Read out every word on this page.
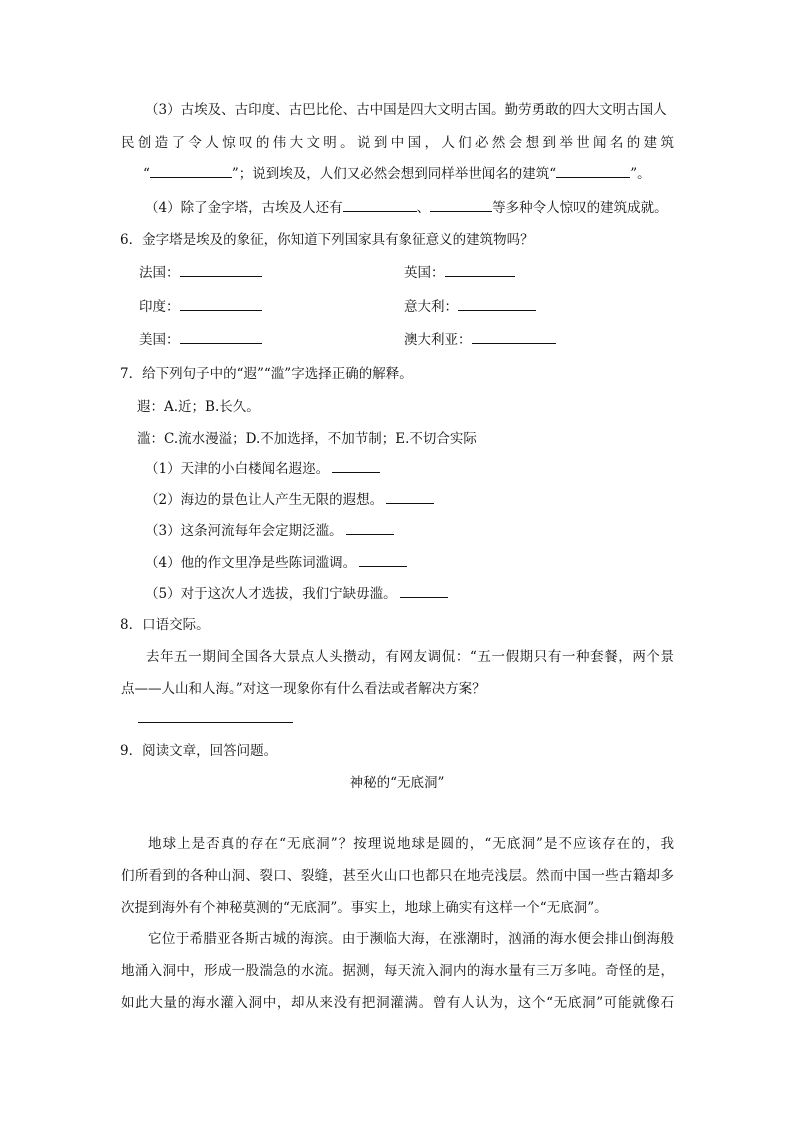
（3）古埃及、古印度、古巴比伦、古中国是四大文明古国。勤劳勇敢的四大文明古国人
民创造了令人惊叹的伟大文明。说到中国，人们必然会想到举世闻名的建筑
“	”；说到埃及，人们又必然会想到同样举世闻名的建筑“	”。
（4）除了金字塔，古埃及人还有	、	等多种令人惊叹的建筑成就。
6．金字塔是埃及的象征，你知道下列国家具有象征意义的建筑物吗？
法国：	英国：
印度：	意大利：
美国：	澳大利亚：
7．给下列句子中的“遐”“滥”字选择正确的解释。
遐：A.近；B.长久。
滥：C.流水漫溢；D.不加选择，不加节制；E.不切合实际
（1）天津的小白楼闻名遐迩。
（2）海边的景色让人产生无限的遐想。
（3）这条河流每年会定期泛滥。
（4）他的作文里净是些陈词滥调。
（5）对于这次人才选拔，我们宁缺毋滥。
8．口语交际。
去年五一期间全国各大景点人头攒动，有网友调侃：“五一假期只有一种套餐，两个景
点——人山和人海。”对这一现象你有什么看法或者解决方案？
9．阅读文章，回答问题。
神秘的“无底洞”
地球上是否真的存在“无底洞”？按理说地球是圆的，“无底洞”是不应该存在的，我
们所看到的各种山洞、裂口、裂缝，甚至火山口也都只在地壳浅层。然而中国一些古籍却多
次提到海外有个神秘莫测的“无底洞”。事实上，地球上确实有这样一个“无底洞”。
它位于希腊亚各斯古城的海滨。由于濒临大海，在涨潮时，汹涌的海水便会排山倒海般
地涌入洞中，形成一股湍急的水流。据测，每天流入洞内的海水量有三万多吨。奇怪的是，
如此大量的海水灌入洞中，却从来没有把洞灌满。曾有人认为，这个“无底洞”可能就像石
